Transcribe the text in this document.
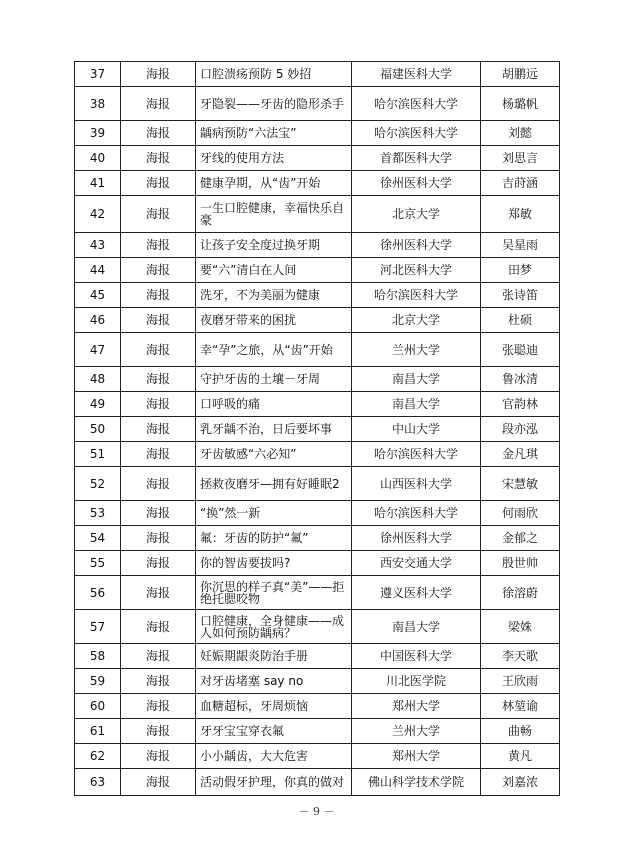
37	海报	口腔溃疡预防 5 妙招	福建医科大学	胡鹏远
38	海报	牙隐裂——牙齿的隐形杀手	哈尔滨医科大学	杨璐帆
39	海报	龋病预防“六法宝”	哈尔滨医科大学	刘懿
40	海报	牙线的使用方法	首都医科大学	刘思言
41	海报	健康孕期，从“齿”开始	徐州医科大学	吉莳涵
42	海报	一生口腔健康，幸福快乐自豪	北京大学	郑敏
43	海报	让孩子安全度过换牙期	徐州医科大学	吴星雨
44	海报	要“六”清白在人间	河北医科大学	田梦
45	海报	洗牙，不为美丽为健康	哈尔滨医科大学	张诗笛
46	海报	夜磨牙带来的困扰	北京大学	杜硕
47	海报	幸“孕”之旅，从“齿”开始	兰州大学	张聪迪
48	海报	守护牙齿的土壤－牙周	南昌大学	鲁冰清
49	海报	口呼吸的痛	南昌大学	官韵林
50	海报	乳牙龋不治，日后要坏事	中山大学	段亦泓
51	海报	牙齿敏感“六必知”	哈尔滨医科大学	金凡琪
52	海报	拯救夜磨牙—拥有好睡眠2	山西医科大学	宋慧敏
53	海报	“换”然一新	哈尔滨医科大学	何雨欣
54	海报	氟：牙齿的防护“氟”	徐州医科大学	金郁之
55	海报	你的智齿要拔吗?	西安交通大学	殷世帅
56	海报	你沉思的样子真“美”——拒绝托腮咬物	遵义医科大学	徐溶蔚
57	海报	口腔健康，全身健康——成人如何预防龋病？	南昌大学	梁姝
58	海报	妊娠期龈炎防治手册	中国医科大学	李天歌
59	海报	对牙齿堵塞 say no	川北医学院	王欣雨
60	海报	血糖超标，牙周烦恼	郑州大学	林堃谕
61	海报	牙牙宝宝穿衣氟	兰州大学	曲畅
62	海报	小小龋齿，大大危害	郑州大学	黄凡
63	海报	活动假牙护理，你真的做对	佛山科学技术学院	刘嘉浓
－ 9 －
